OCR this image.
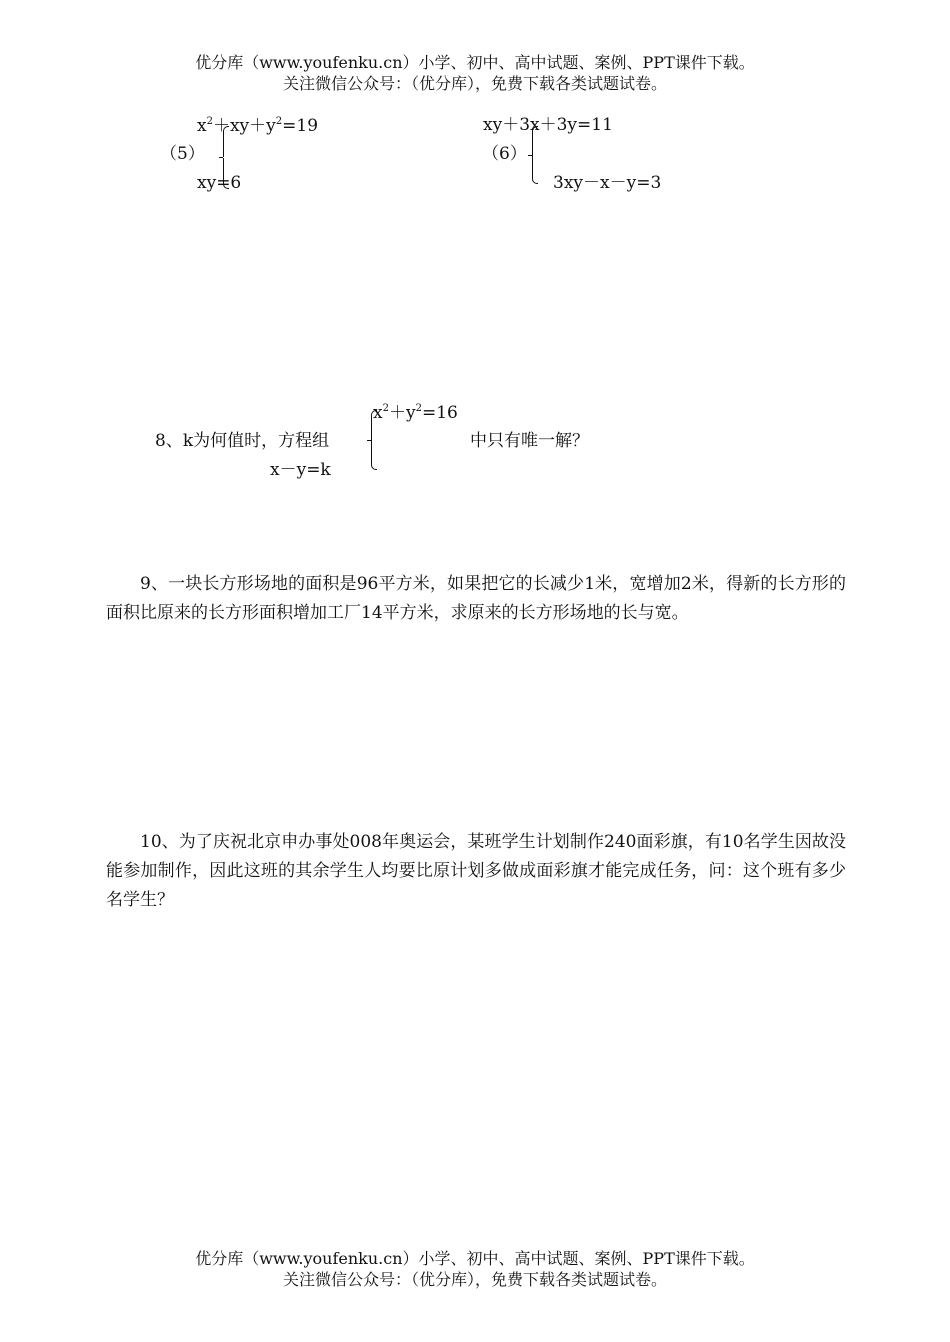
优分库（www.youfenku.cn）小学、初中、高中试题、案例、PPT课件下载。
关注微信公众号：（优分库），免费下载各类试题试卷。
$x^2+xy+y^2=19$
（5）
xy=6
xy＋3x＋3y=11
（6）
3xy－x－y=3
$x^2+y^2=16$
8、k为何值时，方程组	中只有唯一解？
x－y=k
9、一块长方形场地的面积是96平方米，如果把它的长减少1米，宽增加2米，得新的长方形的面积比原来的长方形面积增加工厂14平方米，求原来的长方形场地的长与宽。
10、为了庆祝北京申办事处008年奥运会，某班学生计划制作240面彩旗，有10名学生因故没能参加制作，因此这班的其余学生人均要比原计划多做成面彩旗才能完成任务，问：这个班有多少名学生？
优分库（www.youfenku.cn）小学、初中、高中试题、案例、PPT课件下载。
关注微信公众号：（优分库），免费下载各类试题试卷。
